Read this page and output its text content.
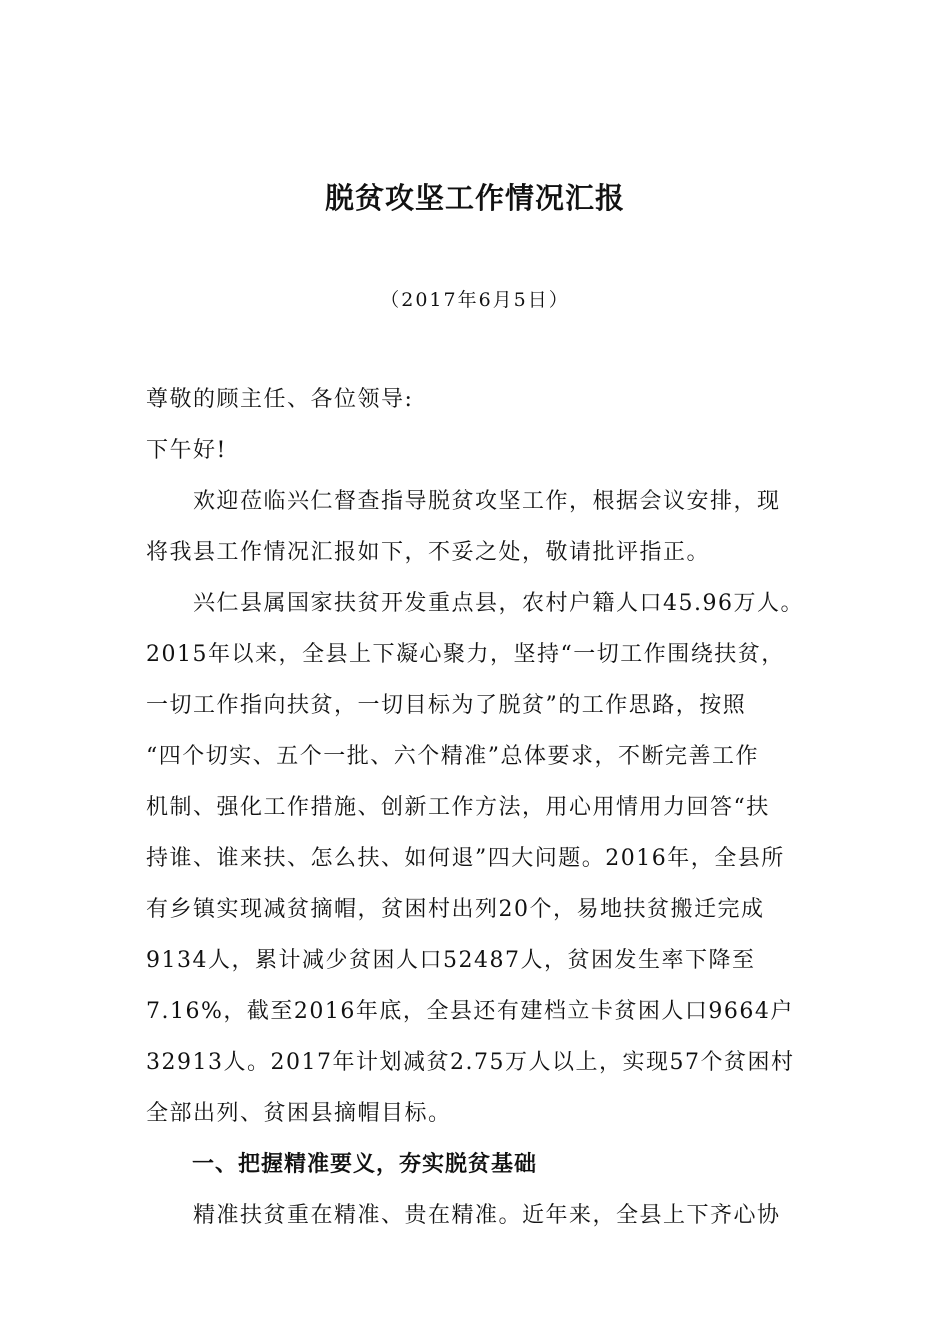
脱贫攻坚工作情况汇报
（2017年6月5日）
尊敬的顾主任、各位领导:
下午好!
　　欢迎莅临兴仁督查指导脱贫攻坚工作，根据会议安排，现
将我县工作情况汇报如下，不妥之处，敬请批评指正。
　　兴仁县属国家扶贫开发重点县，农村户籍人口45.96万人。
2015年以来，全县上下凝心聚力，坚持“一切工作围绕扶贫，
一切工作指向扶贫，一切目标为了脱贫”的工作思路，按照
“四个切实、五个一批、六个精准”总体要求，不断完善工作
机制、强化工作措施、创新工作方法，用心用情用力回答“扶
持谁、谁来扶、怎么扶、如何退”四大问题。2016年，全县所
有乡镇实现减贫摘帽，贫困村出列20个，易地扶贫搬迁完成
9134人，累计减少贫困人口52487人，贫困发生率下降至
7.16%，截至2016年底，全县还有建档立卡贫困人口9664户
32913人。2017年计划减贫2.75万人以上，实现57个贫困村
全部出列、贫困县摘帽目标。
　　一、把握精准要义，夯实脱贫基础
　　精准扶贫重在精准、贵在精准。近年来，全县上下齐心协
